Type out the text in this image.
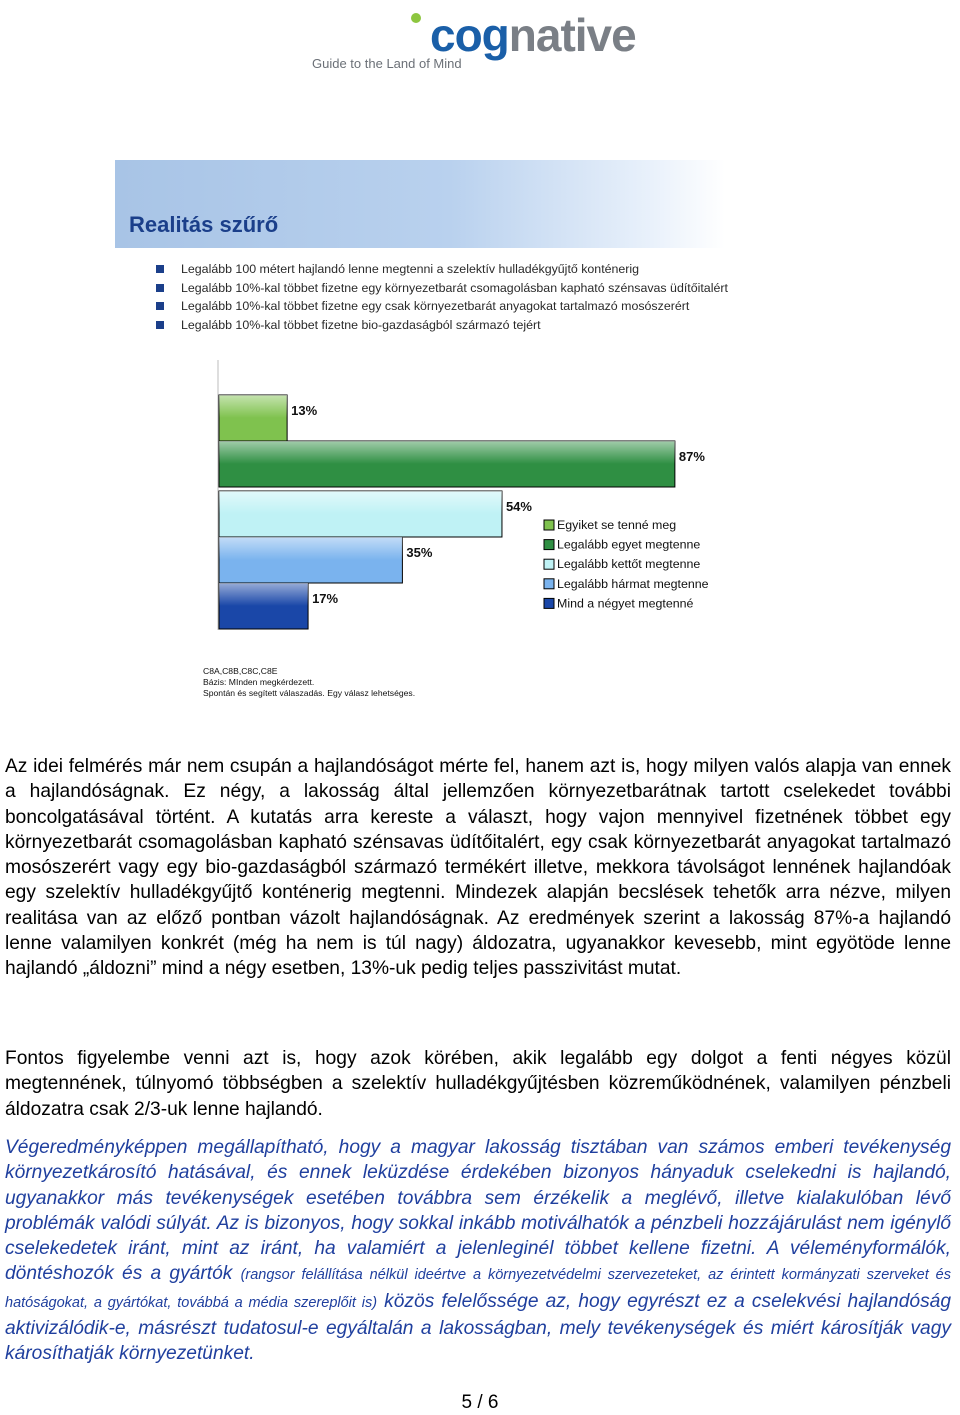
cognative
Guide to the Land of Mind
Realitás szűrő
Legalább 100 métert hajlandó lenne megtenni a szelektív hulladékgyűjtő konténerig
Legalább 10%-kal többet fizetne egy környezetbarát csomagolásban kapható szénsavas üdítőitalért
Legalább 10%-kal többet fizetne egy csak környezetbarát anyagokat tartalmazó mosószerért
Legalább 10%-kal többet fizetne bio-gazdaságból származó tejért
13%
87%
54%
35%
17%
Egyiket se tenné meg
Legalább egyet megtenne
Legalább kettőt megtenne
Legalább hármat megtenne
Mind a négyet megtenné
C8A,C8B,C8C,C8E
Bázis: MInden megkérdezett.
Spontán és segített válaszadás. Egy válasz lehetséges.
Az idei felmérés már nem csupán a hajlandóságot mérte fel, hanem azt is, hogy milyen valós alapja van ennek a hajlandóságnak. Ez négy, a lakosság által jellemzően környezetbarátnak tartott cselekedet további boncolgatásával történt. A kutatás arra kereste a választ, hogy vajon mennyivel fizetnének többet egy környezetbarát csomagolásban kapható szénsavas üdítőitalért, egy csak környezetbarát anyagokat tartalmazó mosószerért vagy egy bio-gazdaságból származó termékért illetve, mekkora távolságot lennének hajlandóak egy szelektív hulladékgyűjtő konténerig megtenni. Mindezek alapján becslések tehetők arra nézve, milyen realitása van az előző pontban vázolt hajlandóságnak. Az eredmények szerint a lakosság 87%-a hajlandó lenne valamilyen konkrét (még ha nem is túl nagy) áldozatra, ugyanakkor kevesebb, mint egyötöde lenne hajlandó „áldozni” mind a négy esetben, 13%-uk pedig teljes passzivitást mutat.
Fontos figyelembe venni azt is, hogy azok körében, akik legalább egy dolgot a fenti négyes közül megtennének, túlnyomó többségben a szelektív hulladékgyűjtésben közreműködnének, valamilyen pénzbeli áldozatra csak 2/3-uk lenne hajlandó.
Végeredményképpen megállapítható, hogy a magyar lakosság tisztában van számos emberi tevékenység környezetkárosító hatásával, és ennek leküzdése érdekében bizonyos hányaduk cselekedni is hajlandó, ugyanakkor más tevékenységek esetében továbbra sem érzékelik a meglévő, illetve kialakulóban lévő problémák valódi súlyát. Az is bizonyos, hogy sokkal inkább motiválhatók a pénzbeli hozzájárulást nem igénylő cselekedetek iránt, mint az iránt, ha valamiért a jelenleginél többet kellene fizetni. A véleményformálók, döntéshozók és a gyártók (rangsor felállítása nélkül ideértve a környezetvédelmi szervezeteket, az érintett kormányzati szerveket és hatóságokat, a gyártókat, továbbá a média szereplőit is) közös felelőssége az, hogy egyrészt ez a cselekvési hajlandóság aktivizálódik-e, másrészt tudatosul-e egyáltalán a lakosságban, mely tevékenységek és miért károsítják vagy károsíthatják környezetünket.
5 / 6
